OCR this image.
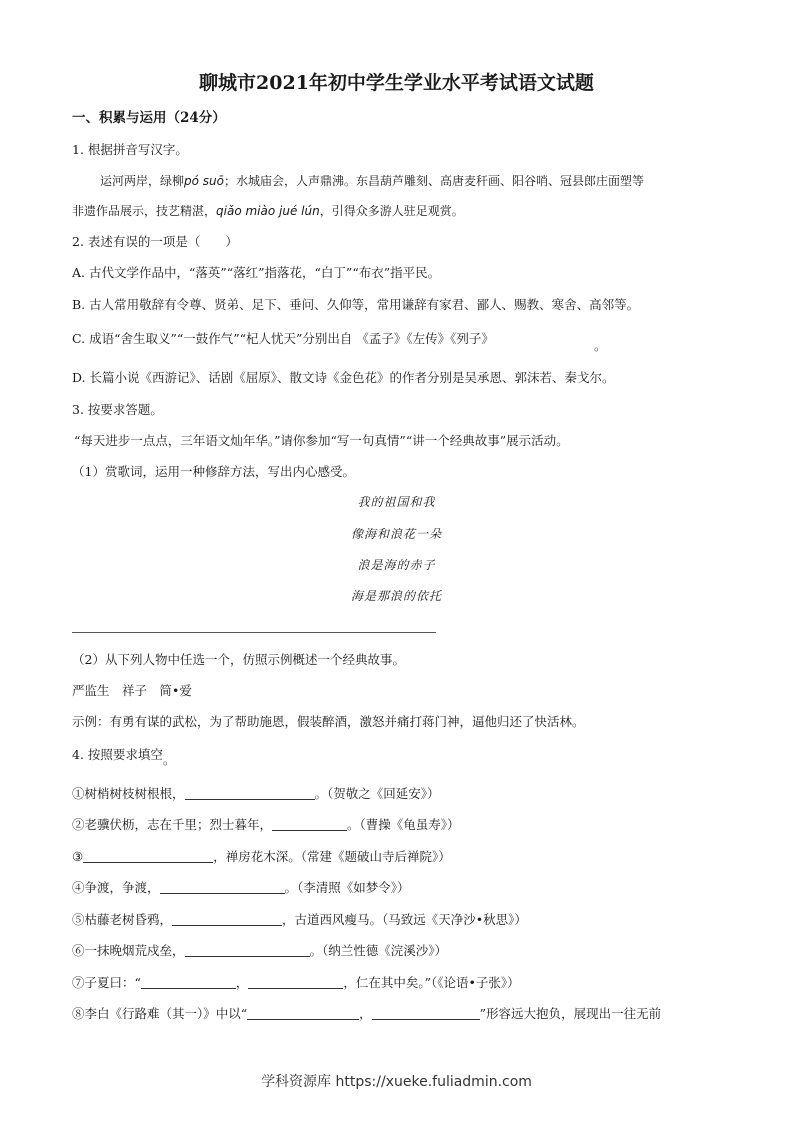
聊城市2021年初中学生学业水平考试语文试题
一、积累与运用（24分）
1. 根据拼音写汉字。
运河两岸，绿柳pó suō；水城庙会，人声鼎沸。东昌葫芦雕刻、高唐麦秆画、阳谷哨、冠县郎庄面塑等
非遗作品展示，技艺精湛，qiǎo miào jué lún，引得众多游人驻足观赏。
2. 表述有误的一项是（　　）
A. 古代文学作品中，“落英”“落红”指落花，“白丁”“布衣”指平民。
B. 古人常用敬辞有令尊、贤弟、足下、垂问、久仰等，常用谦辞有家君、鄙人、赐教、寒舍、高邻等。
C. 成语“舍生取义”“一鼓作气”“杞人忧天”分别出自 《孟子》《左传》《列子》	。
D. 长篇小说《西游记》、话剧《屈原》、散文诗《金色花》的作者分别是吴承恩、郭沫若、秦戈尔。
3. 按要求答题。
“每天进步一点点，三年语文灿年华。”请你参加“写一句真情”“讲一个经典故事”展示活动。
（1）赏歌词，运用一种修辞方法，写出内心感受。
我的祖国和我
像海和浪花一朵
浪是海的赤子
海是那浪的依托
（2）从下列人物中任选一个，仿照示例概述一个经典故事。
严监生　祥子　简•爱
示例：有勇有谋的武松，为了帮助施恩，假装醉酒，激怒并痛打蒋门神，逼他归还了快活林。
4. 按照要求填空。
①树梢树枝树根根，	。（贺敬之《回延安》）
②老骥伏枥，志在千里；烈士暮年，	。（曹操《龟虽寿》）
③	，禅房花木深。（常建《题破山寺后禅院》）
④争渡，争渡，	。（李清照《如梦令》）
⑤枯藤老树昏鸦，	，古道西风瘦马。（马致远《天净沙•秋思》）
⑥一抹晚烟荒戍垒，	。（纳兰性德《浣溪沙》）
⑦子夏曰：“	，	，仁在其中矣。”（《论语•子张》）
⑧李白《行路难（其一）》中以“	，	”形容远大抱负，展现出一往无前
学科资源库 https://xueke.fuliadmin.com
